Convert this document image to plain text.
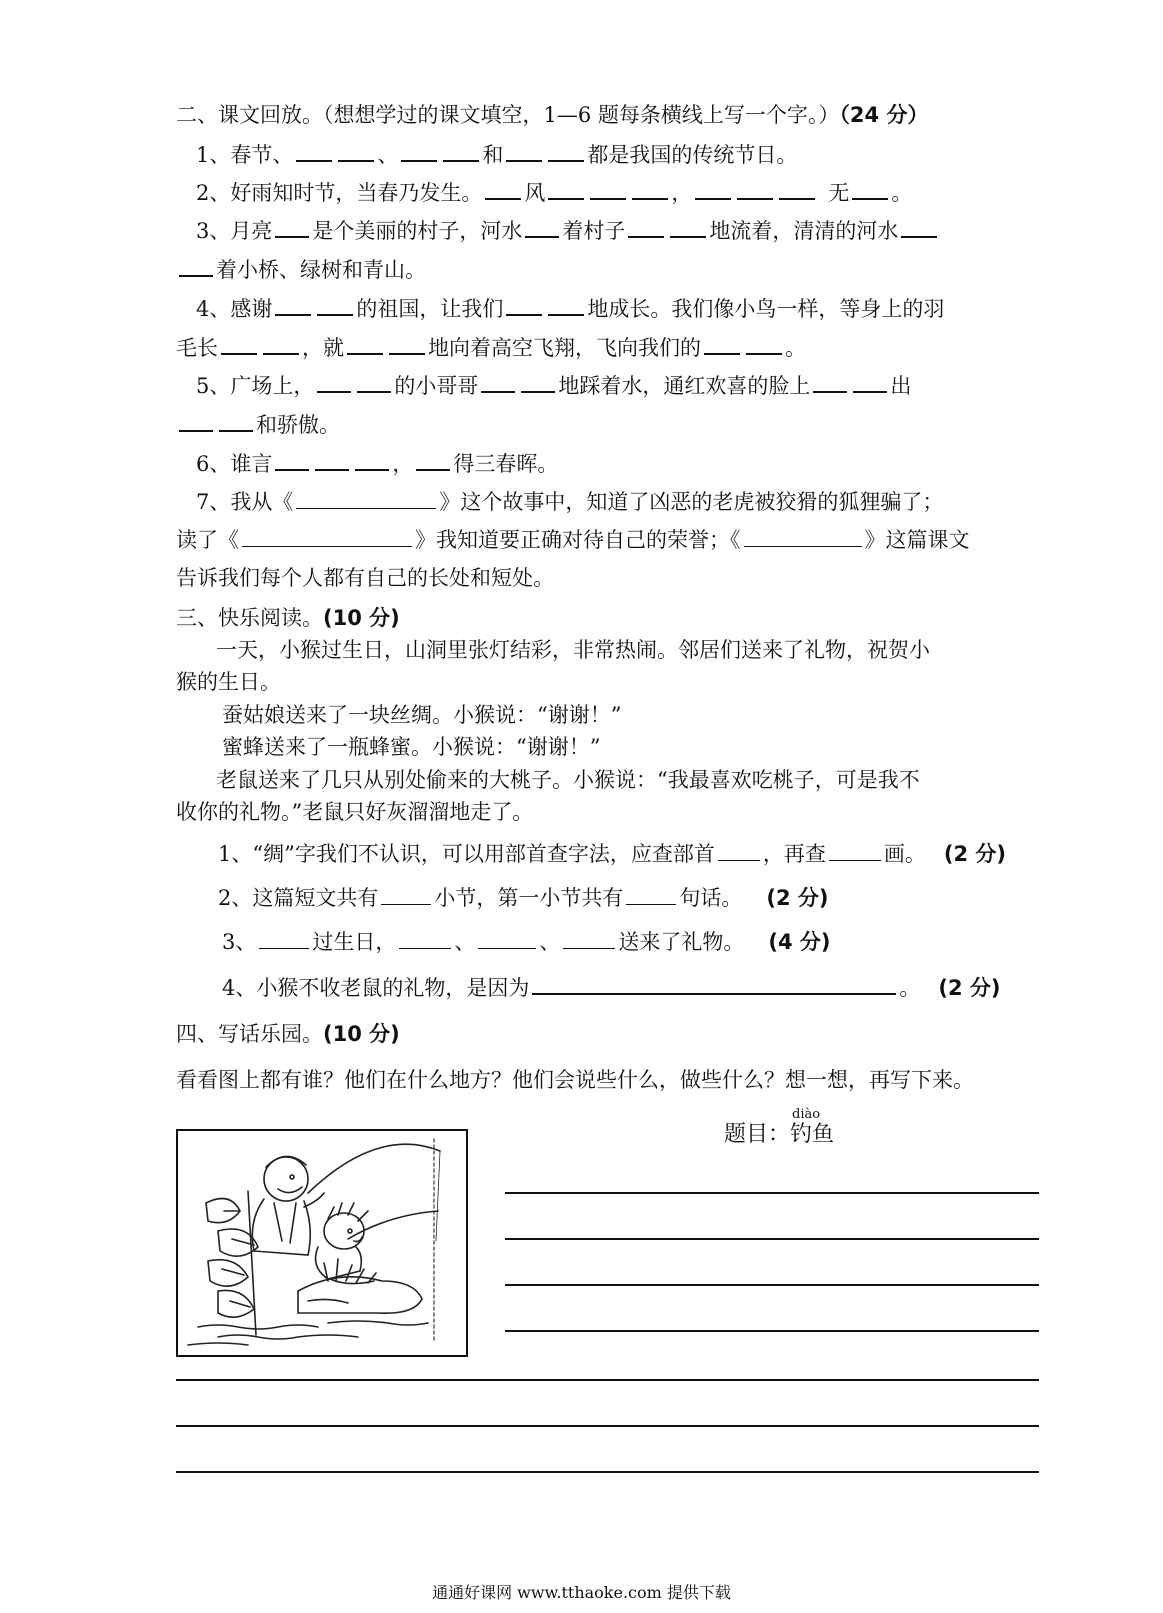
二、课文回放。（想想学过的课文填空，1—6 题每条横线上写一个字。）（24 分）
1、春节、	、	和	都是我国的传统节日。
2、好雨知时节，当春乃发生。 风	，	无 。
3、月亮 是个美丽的村子，河水 着村子	地流着，清清的河水
着小桥、绿树和青山。
4、感谢	的祖国，让我们	地成长。我们像小鸟一样，等身上的羽
毛长	，就	地向着高空飞翔，飞向我们的	。
5、广场上，	的小哥哥	地踩着水，通红欢喜的脸上	出
和骄傲。
6、谁言	， 得三春晖。
7、我从《	》这个故事中，知道了凶恶的老虎被狡猾的狐狸骗了；
读了《	》我知道要正确对待自己的荣誉；《	》这篇课文
告诉我们每个人都有自己的长处和短处。
三、快乐阅读。(10 分)
一天，小猴过生日，山洞里张灯结彩，非常热闹。邻居们送来了礼物，祝贺小
猴的生日。
蚕姑娘送来了一块丝绸。小猴说：“谢谢！”
蜜蜂送来了一瓶蜂蜜。小猴说：“谢谢！”
老鼠送来了几只从别处偷来的大桃子。小猴说：“我最喜欢吃桃子，可是我不
收你的礼物。”老鼠只好灰溜溜地走了。
1、“绸”字我们不认识，可以用部首查字法，应查部首 ，再查	画。 (2 分)
2、这篇短文共有	小节，第一小节共有	句话。 (2 分)
3、	过生日，	、	、	送来了礼物。 (4 分)
4、小猴不收老鼠的礼物，是因为	。 (2 分)
四、写话乐园。(10 分)
看看图上都有谁？他们在什么地方？他们会说些什么，做些什么？想一想，再写下来。
diào
题目：钓鱼
通通好课网 www.tthaoke.com 提供下载
